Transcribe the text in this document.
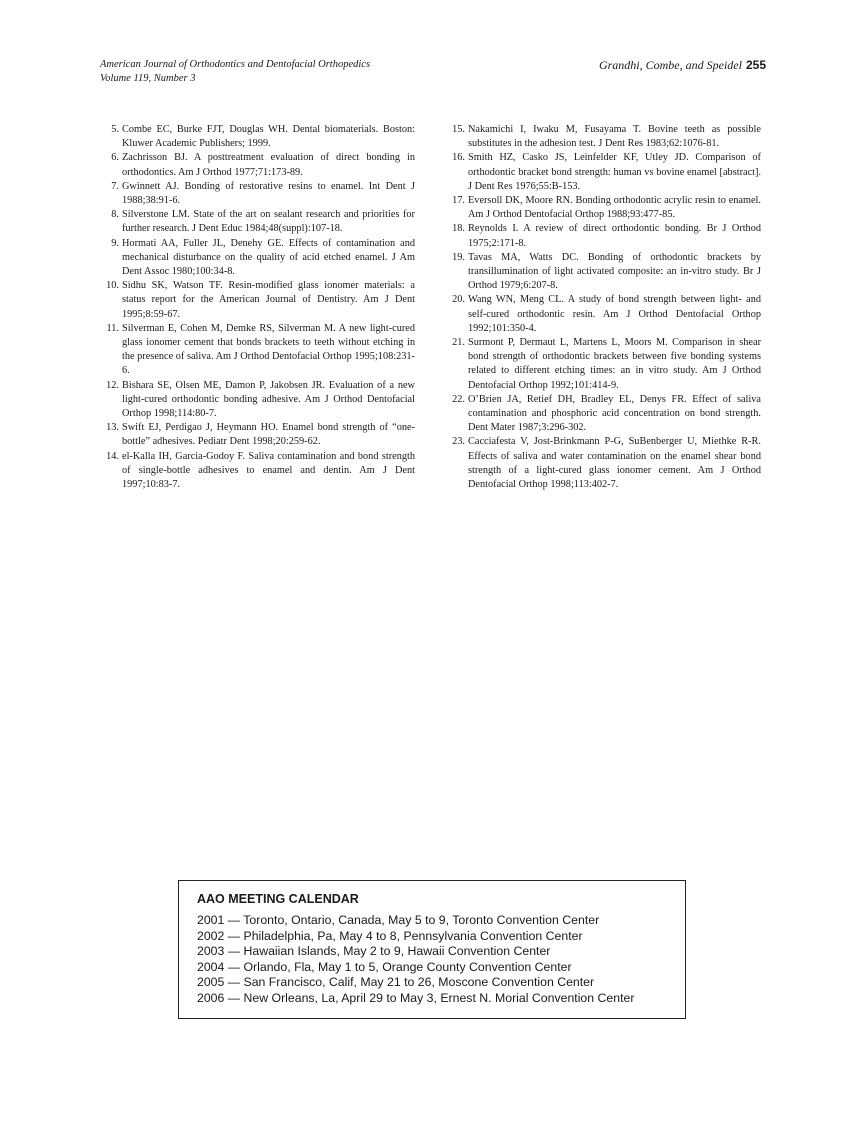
American Journal of Orthodontics and Dentofacial Orthopedics
Volume 119, Number 3
Grandhi, Combe, and Speidel 255

5. Combe EC, Burke FJT, Douglas WH. Dental biomaterials. Boston: Kluwer Academic Publishers; 1999.

6. Zachrisson BJ. A posttreatment evaluation of direct bonding in orthodontics. Am J Orthod 1977;71:173-89.

7. Gwinnett AJ. Bonding of restorative resins to enamel. Int Dent J 1988;38:91-6.

8. Silverstone LM. State of the art on sealant research and priorities for further research. J Dent Educ 1984;48(suppl):107-18.

9. Hormati AA, Fuller JL, Denehy GE. Effects of contamination and mechanical disturbance on the quality of acid etched enamel. J Am Dent Assoc 1980;100:34-8.

10. Sidhu SK, Watson TF. Resin-modified glass ionomer materials: a status report for the American Journal of Dentistry. Am J Dent 1995;8:59-67.

11. Silverman E, Cohen M, Demke RS, Silverman M. A new light-cured glass ionomer cement that bonds brackets to teeth without etching in the presence of saliva. Am J Orthod Dentofacial Orthop 1995;108:231-6.

12. Bishara SE, Olsen ME, Damon P, Jakobsen JR. Evaluation of a new light-cured orthodontic bonding adhesive. Am J Orthod Dentofacial Orthop 1998;114:80-7.

13. Swift EJ, Perdigao J, Heymann HO. Enamel bond strength of “one-bottle” adhesives. Pediatr Dent 1998;20:259-62.

14. el-Kalla IH, Garcia-Godoy F. Saliva contamination and bond strength of single-bottle adhesives to enamel and dentin. Am J Dent 1997;10:83-7.

15. Nakamichi I, Iwaku M, Fusayama T. Bovine teeth as possible substitutes in the adhesion test. J Dent Res 1983;62:1076-81.

16. Smith HZ, Casko JS, Leinfelder KF, Utley JD. Comparison of orthodontic bracket bond strength: human vs bovine enamel [abstract]. J Dent Res 1976;55:B-153.

17. Eversoll DK, Moore RN. Bonding orthodontic acrylic resin to enamel. Am J Orthod Dentofacial Orthop 1988;93:477-85.

18. Reynolds I. A review of direct orthodontic bonding. Br J Orthod 1975;2:171-8.

19. Tavas MA, Watts DC. Bonding of orthodontic brackets by transillumination of light activated composite: an in-vitro study. Br J Orthod 1979;6:207-8.

20. Wang WN, Meng CL. A study of bond strength between light- and self-cured orthodontic resin. Am J Orthod Dentofacial Orthop 1992;101:350-4.

21. Surmont P, Dermaut L, Martens L, Moors M. Comparison in shear bond strength of orthodontic brackets between five bonding systems related to different etching times: an in vitro study. Am J Orthod Dentofacial Orthop 1992;101:414-9.

22. O’Brien JA, Retief DH, Bradley EL, Denys FR. Effect of saliva contamination and phosphoric acid concentration on bond strength. Dent Mater 1987;3:296-302.

23. Cacciafesta V, Jost-Brinkmann P-G, SuBenberger U, Miethke R-R. Effects of saliva and water contamination on the enamel shear bond strength of a light-cured glass ionomer cement. Am J Orthod Dentofacial Orthop 1998;113:402-7.

AAO MEETING CALENDAR
2001 — Toronto, Ontario, Canada, May 5 to 9, Toronto Convention Center
2002 — Philadelphia, Pa, May 4 to 8, Pennsylvania Convention Center
2003 — Hawaiian Islands, May 2 to 9, Hawaii Convention Center
2004 — Orlando, Fla, May 1 to 5, Orange County Convention Center
2005 — San Francisco, Calif, May 21 to 26, Moscone Convention Center
2006 — New Orleans, La, April 29 to May 3, Ernest N. Morial Convention Center
